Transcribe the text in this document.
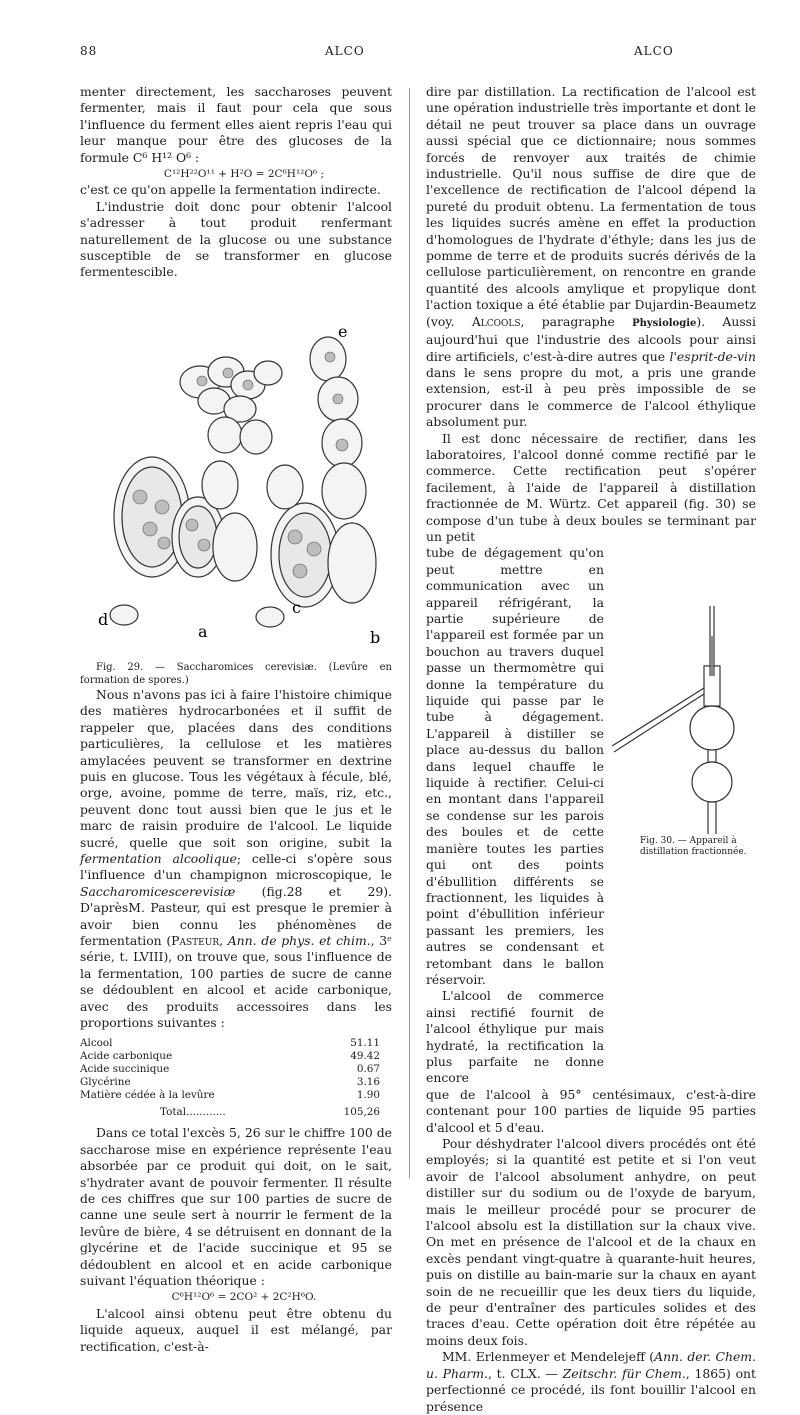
88	ALCO	ALCO

menter directement, les saccharoses peuvent fermenter, mais il faut pour cela que sous l'influence du ferment elles aient repris l'eau qui leur manque pour être des glucoses de la formule C⁶ H¹² O⁶ :

C¹²H²²O¹¹ + H²O = 2C⁶H¹²O⁶ ;

c'est ce qu'on appelle la fermentation indirecte.

L'industrie doit donc pour obtenir l'alcool s'adresser à tout produit renfermant naturellement de la glucose ou une substance susceptible de se transformer en glucose fermentescible.

e
d
a
c
b

Fig. 29. — Saccharomices cerevisiæ. (Levûre en formation de spores.)

Nous n'avons pas ici à faire l'histoire chimique des matières hydrocarbonées et il suffit de rappeler que, placées dans des conditions particulières, la cellulose et les matières amylacées peuvent se transformer en dextrine puis en glucose. Tous les végétaux à fécule, blé, orge, avoine, pomme de terre, maïs, riz, etc., peuvent donc tout aussi bien que le jus et le marc de raisin produire de l'alcool. Le liquide sucré, quelle que soit son origine, subit la fermentation alcoolique; celle-ci s'opère sous l'influence d'un champignon microscopique, le Saccharomicescerevisiæ (fig.28 et 29). D'aprèsM. Pasteur, qui est presque le premier à avoir bien connu les phénomènes de fermentation (Pasteur, Ann. de phys. et chim., 3ᵉ série, t. LVIII), on trouve que, sous l'influence de la fermentation, 100 parties de sucre de canne se dédoublent en alcool et acide carbonique, avec des produits accessoires dans les proportions suivantes :

Alcool	51.11
Acide carbonique	49.42
Acide succinique	0.67
Glycérine	3.16
Matière cédée à la levûre	1.90
Total............	105,26

Dans ce total l'excès 5, 26 sur le chiffre 100 de saccharose mise en expérience représente l'eau absorbée par ce produit qui doit, on le sait, s'hydrater avant de pouvoir fermenter. Il résulte de ces chiffres que sur 100 parties de sucre de canne une seule sert à nourrir le ferment de la levûre de bière, 4 se détruisent en donnant de la glycérine et de l'acide succinique et 95 se dédoublent en alcool et en acide carbonique suivant l'équation théorique :

C⁶H¹²O⁶ = 2CO² + 2C²H⁶O.

L'alcool ainsi obtenu peut être obtenu du liquide aqueux, auquel il est mélangé, par rectification, c'est-à-

dire par distillation. La rectification de l'alcool est une opération industrielle très importante et dont le détail ne peut trouver sa place dans un ouvrage aussi spécial que ce dictionnaire; nous sommes forcés de renvoyer aux traités de chimie industrielle. Qu'il nous suffise de dire que de l'excellence de rectification de l'alcool dépend la pureté du produit obtenu. La fermentation de tous les liquides sucrés amène en effet la production d'homologues de l'hydrate d'éthyle; dans les jus de pomme de terre et de produits sucrés dérivés de la cellulose particulièrement, on rencontre en grande quantité des alcools amylique et propylique dont l'action toxique a été établie par Dujardin-Beaumetz (voy. Alcools, paragraphe Physiologie). Aussi aujourd'hui que l'industrie des alcools pour ainsi dire artificiels, c'est-à-dire autres que l'esprit-de-vin dans le sens propre du mot, a pris une grande extension, est-il à peu près impossible de se procurer dans le commerce de l'alcool éthylique absolument pur.

Il est donc nécessaire de rectifier, dans les laboratoires, l'alcool donné comme rectifié par le commerce. Cette rectification peut s'opérer facilement, à l'aide de l'appareil à distillation fractionnée de M. Würtz. Cet appareil (fig. 30) se compose d'un tube à deux boules se terminant par un petit

tube de dégagement qu'on peut mettre en communication avec un appareil réfrigérant, la partie supérieure de l'appareil est formée par un bouchon au travers duquel passe un thermomètre qui donne la température du liquide qui passe par le tube à dégagement. L'appareil à distiller se place au-dessus du ballon dans lequel chauffe le liquide à rectifier. Celui-ci en montant dans l'appareil se condense sur les parois des boules et de cette manière toutes les parties qui ont des points d'ébullition différents se fractionnent, les liquides à point d'ébullition inférieur passant les premiers, les autres se condensant et retombant dans le ballon réservoir.

L'alcool de commerce ainsi rectifié fournit de l'alcool éthylique pur mais hydraté, la rectification la plus parfaite ne donne encore

que de l'alcool à 95° centésimaux, c'est-à-dire contenant pour 100 parties de liquide 95 parties d'alcool et 5 d'eau.

Pour déshydrater l'alcool divers procédés ont été employés; si la quantité est petite et si l'on veut avoir de l'alcool absolument anhydre, on peut distiller sur du sodium ou de l'oxyde de baryum, mais le meilleur procédé pour se procurer de l'alcool absolu est la distillation sur la chaux vive. On met en présence de l'alcool et de la chaux en excès pendant vingt-quatre à quarante-huit heures, puis on distille au bain-marie sur la chaux en ayant soin de ne recueillir que les deux tiers du liquide, de peur d'entraîner des particules solides et des traces d'eau. Cette opération doit être répétée au moins deux fois.

MM. Erlenmeyer et Mendelejeff (Ann. der. Chem. u. Pharm., t. CLX. — Zeitschr. für Chem., 1865) ont perfectionné ce procédé, ils font bouillir l'alcool en présence

Fig. 30. — Appareil à distillation fractionnée.
